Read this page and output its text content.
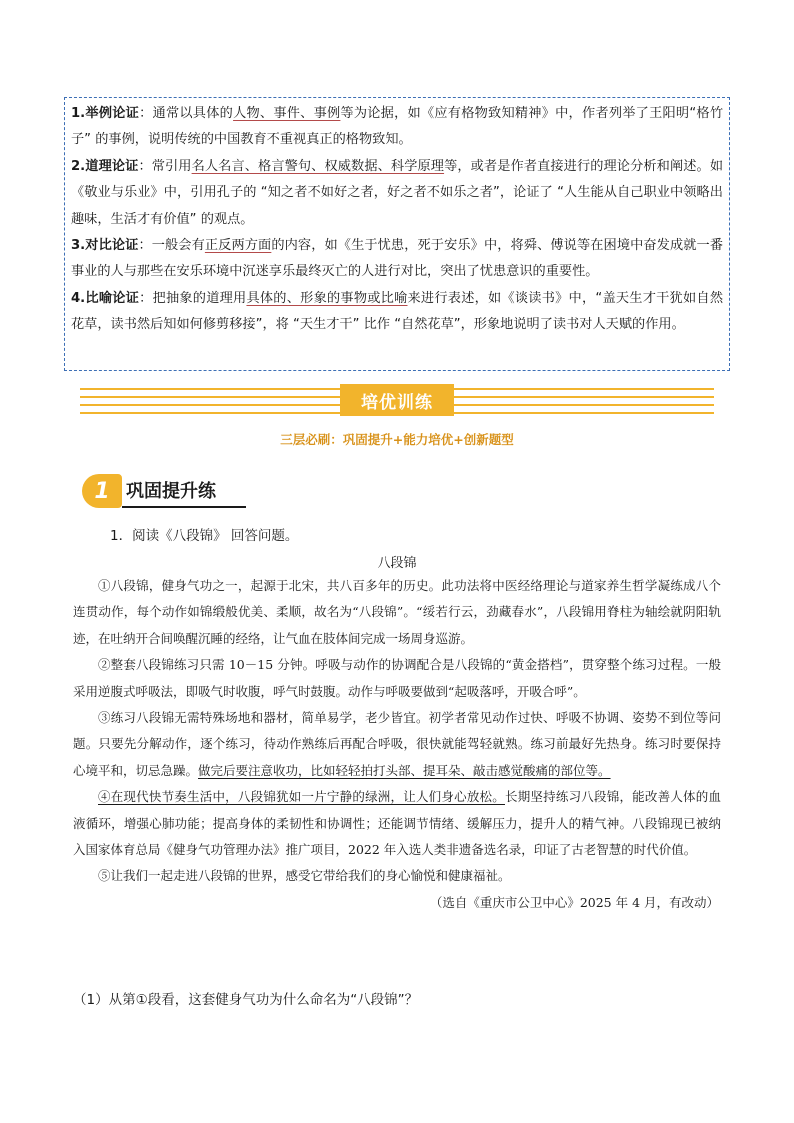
1.举例论证：通常以具体的人物、事件、事例等为论据，如《应有格物致知精神》中，作者列举了王阳明“格竹子” 的事例，说明传统的中国教育不重视真正的格物致知。

2.道理论证：常引用名人名言、格言警句、权威数据、科学原理等，或者是作者直接进行的理论分析和阐述。如《敬业与乐业》中，引用孔子的 “知之者不如好之者，好之者不如乐之者”，论证了 “人生能从自己职业中领略出趣味，生活才有价值” 的观点。

3.对比论证：一般会有正反两方面的内容，如《生于忧患，死于安乐》中，将舜、傅说等在困境中奋发成就一番事业的人与那些在安乐环境中沉迷享乐最终灭亡的人进行对比，突出了忧患意识的重要性。

4.比喻论证：把抽象的道理用具体的、形象的事物或比喻来进行表述，如《谈读书》中，“盖天生才干犹如自然花草，读书然后知如何修剪移接”，将 “天生才干” 比作 “自然花草”，形象地说明了读书对人天赋的作用。

培优训练
三层必刷：巩固提升+能力培优+创新题型
1 巩固提升练
1．阅读《八段锦》 回答问题。
八段锦

①八段锦，健身气功之一，起源于北宋，共八百多年的历史。此功法将中医经络理论与道家养生哲学凝练成八个连贯动作，每个动作如锦缎般优美、柔顺，故名为“八段锦”。“绥若行云，劲藏春水”，八段锦用脊柱为轴绘就阴阳轨迹，在吐纳开合间唤醒沉睡的经络，让气血在肢体间完成一场周身巡游。

②整套八段锦练习只需 10－15 分钟。呼吸与动作的协调配合是八段锦的“黄金搭档”，贯穿整个练习过程。一般采用逆腹式呼吸法，即吸气时收腹，呼气时鼓腹。动作与呼吸要做到“起吸落呼，开吸合呼”。

③练习八段锦无需特殊场地和器材，简单易学，老少皆宜。初学者常见动作过快、呼吸不协调、姿势不到位等问题。只要先分解动作，逐个练习，待动作熟练后再配合呼吸，很快就能驾轻就熟。练习前最好先热身。练习时要保持心境平和，切忌急躁。做完后要注意收功，比如轻轻拍打头部、提耳朵、敲击感觉酸痛的部位等。

④在现代快节奏生活中，八段锦犹如一片宁静的绿洲，让人们身心放松。长期坚持练习八段锦，能改善人体的血液循环，增强心肺功能；提高身体的柔韧性和协调性；还能调节情绪、缓解压力，提升人的精气神。八段锦现已被纳入国家体育总局《健身气功管理办法》推广项目，2022 年入选人类非遗备选名录，印证了古老智慧的时代价值。

⑤让我们一起走进八段锦的世界，感受它带给我们的身心愉悦和健康福祉。

（选自《重庆市公卫中心》2025 年 4 月，有改动）

（1）从第①段看，这套健身气功为什么命名为“八段锦”？
